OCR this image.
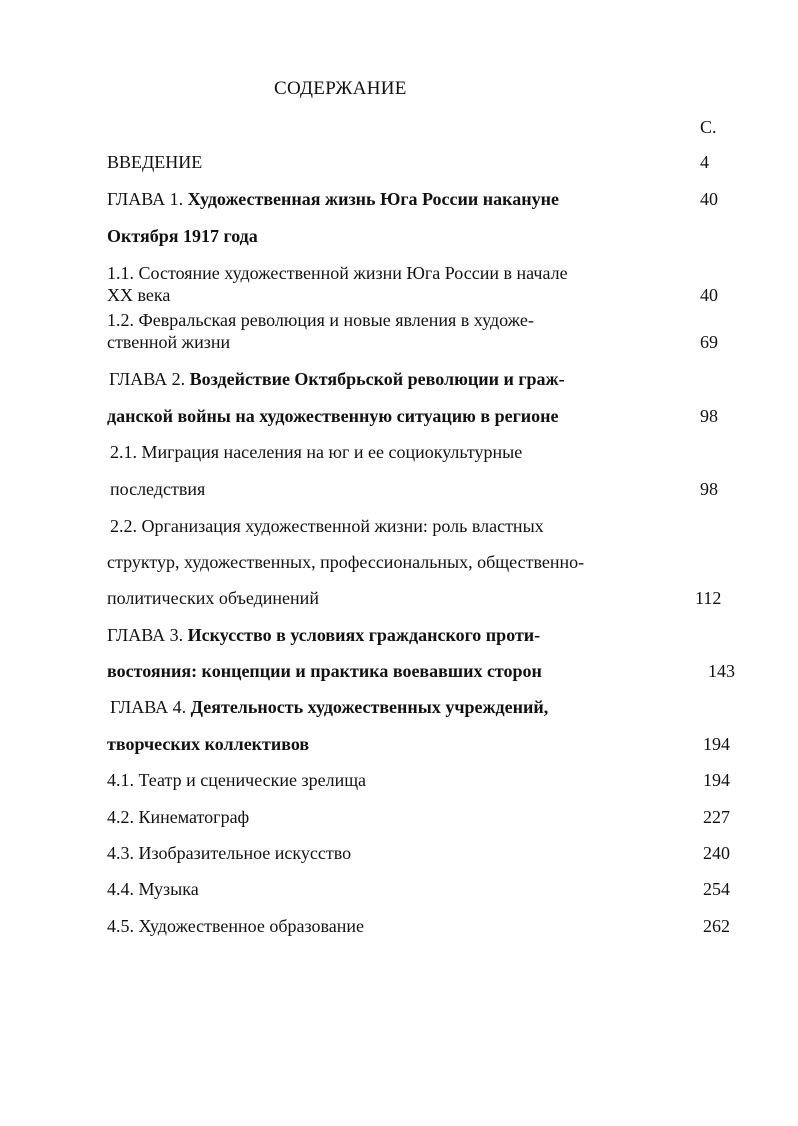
СОДЕРЖАНИЕ
С.
ВВЕДЕНИЕ	4
ГЛАВА 1. Художественная жизнь Юга России накануне	40
Октября 1917 года
1.1. Состояние художественной жизни Юга России в начале
XX века	40
1.2. Февральская революция и новые явления в художе-
ственной жизни	69
ГЛАВА 2. Воздействие Октябрьской революции и граж-
данской войны на художественную ситуацию в регионе	98
2.1. Миграция населения на юг и ее социокультурные
последствия	98
2.2. Организация художественной жизни: роль властных
структур, художественных, профессиональных, общественно-
политических объединений	112
ГЛАВА 3. Искусство в условиях гражданского проти-
востояния: концепции и практика воевавших сторон	143
ГЛАВА 4. Деятельность художественных учреждений,
творческих коллективов	194
4.1. Театр и сценические зрелища	194
4.2. Кинематограф	227
4.3. Изобразительное искусство	240
4.4. Музыка	254
4.5. Художественное образование	262
